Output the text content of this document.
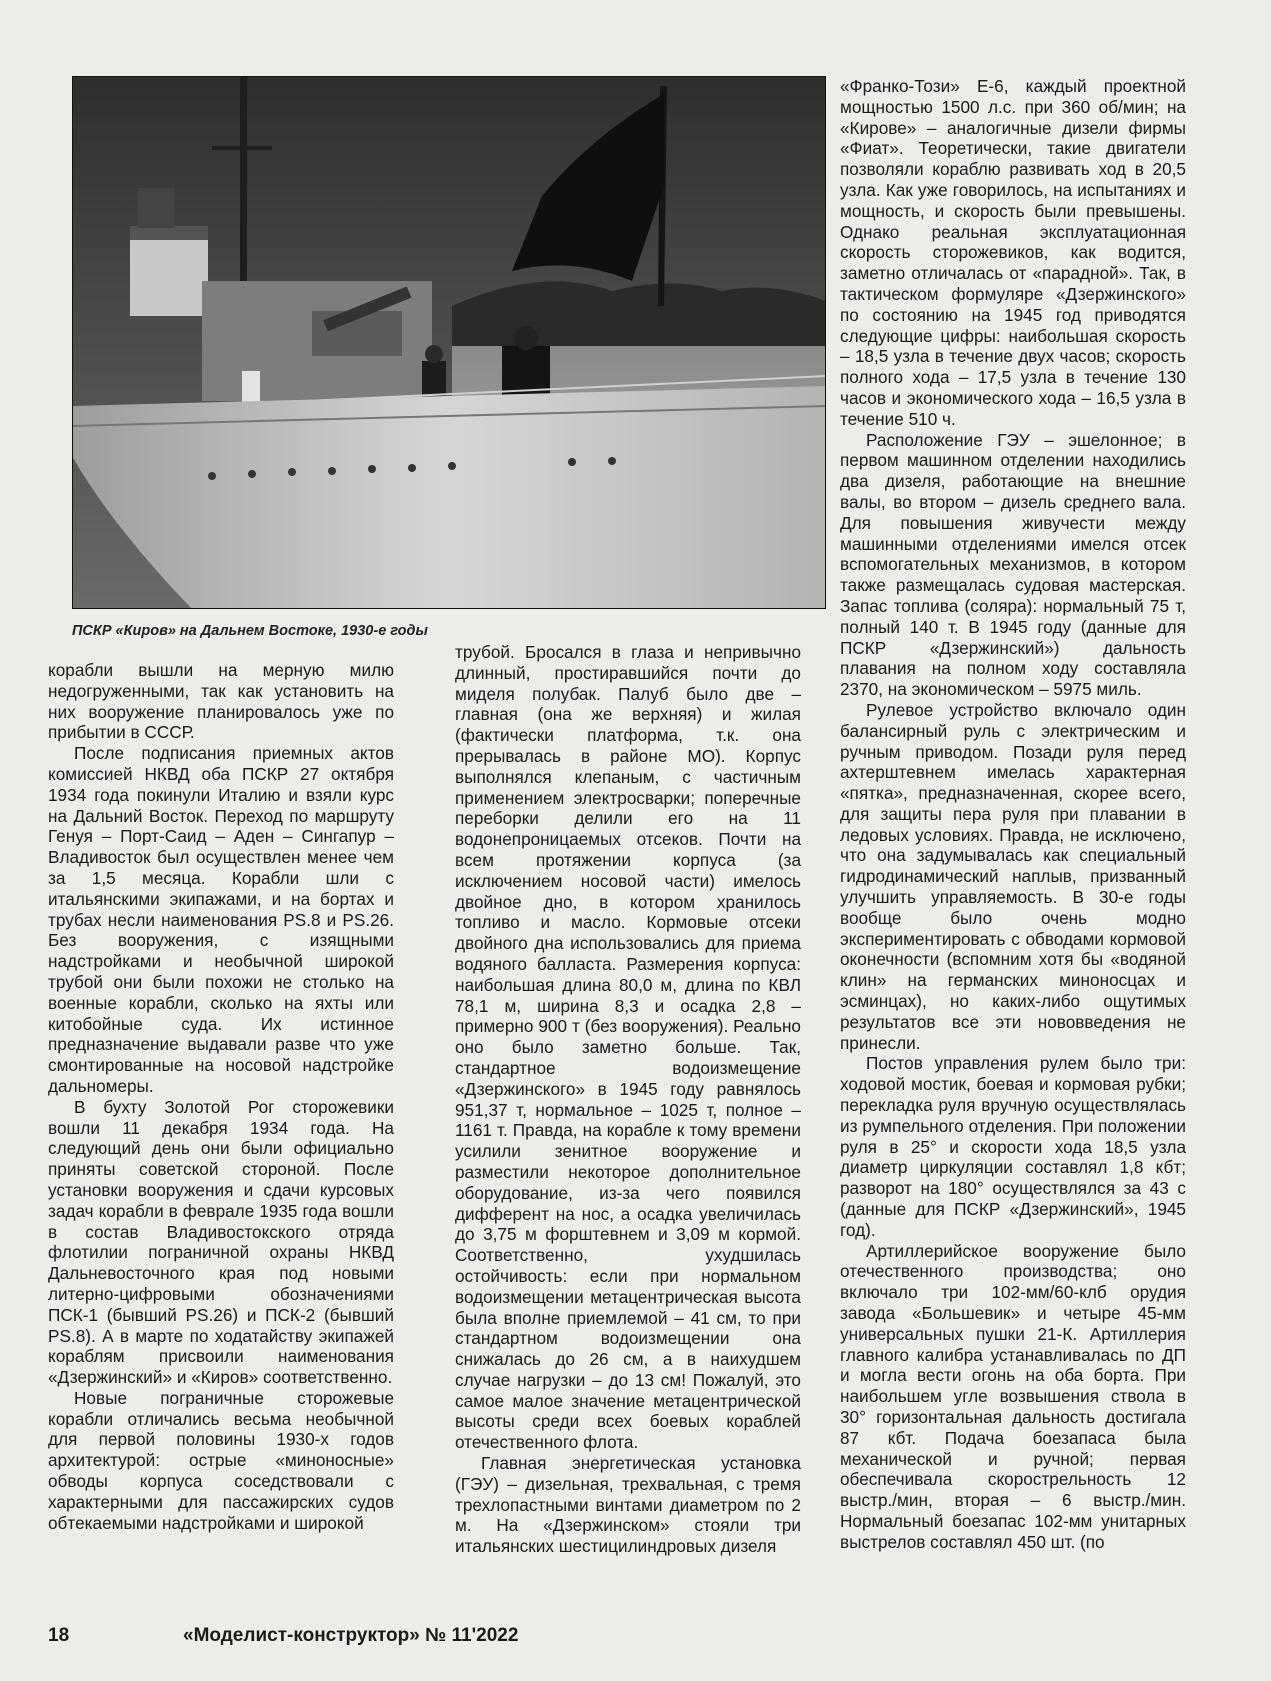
ПСКР «Киров» на Дальнем Востоке, 1930-е годы

корабли вышли на мерную милю недогруженными, так как установить на них вооружение планировалось уже по прибытии в СССР.

После подписания приемных актов комиссией НКВД оба ПСКР 27 октября 1934 года покинули Италию и взяли курс на Дальний Восток. Переход по маршруту Генуя – Порт-Саид – Аден – Сингапур – Владивосток был осуществлен менее чем за 1,5 месяца. Корабли шли с итальянскими экипажами, и на бортах и трубах несли наименования PS.8 и PS.26. Без вооружения, с изящными надстройками и необычной широкой трубой они были похожи не столько на военные корабли, сколько на яхты или китобойные суда. Их истинное предназначение выдавали разве что уже смонтированные на носовой надстройке дальномеры.

В бухту Золотой Рог сторожевики вошли 11 декабря 1934 года. На следующий день они были официально приняты советской стороной. После установки вооружения и сдачи курсовых задач корабли в феврале 1935 года вошли в состав Владивостокского отряда флотилии пограничной охраны НКВД Дальневосточного края под новыми литерно-цифровыми обозначениями ПСК-1 (бывший PS.26) и ПСК-2 (бывший PS.8). А в марте по ходатайству экипажей кораблям присвоили наименования «Дзержинский» и «Киров» соответственно.

Новые пограничные сторожевые корабли отличались весьма необычной для первой половины 1930-х годов архитектурой: острые «миноносные» обводы корпуса соседствовали с характерными для пассажирских судов обтекаемыми надстройками и широкой

трубой. Бросался в глаза и непривычно длинный, простиравшийся почти до миделя полубак. Палуб было две – главная (она же верхняя) и жилая (фактически платформа, т.к. она прерывалась в районе МО). Корпус выполнялся клепаным, с частичным применением электросварки; поперечные переборки делили его на 11 водонепроницаемых отсеков. Почти на всем протяжении корпуса (за исключением носовой части) имелось двойное дно, в котором хранилось топливо и масло. Кормовые отсеки двойного дна использовались для приема водяного балласта. Размерения корпуса: наибольшая длина 80,0 м, длина по КВЛ 78,1 м, ширина 8,3 и осадка 2,8 – примерно 900 т (без вооружения). Реально оно было заметно больше. Так, стандартное водоизмещение «Дзержинского» в 1945 году равнялось 951,37 т, нормальное – 1025 т, полное – 1161 т. Правда, на корабле к тому времени усилили зенитное вооружение и разместили некоторое дополнительное оборудование, из-за чего появился дифферент на нос, а осадка увеличилась до 3,75 м форштевнем и 3,09 м кормой. Соответственно, ухудшилась остойчивость: если при нормальном водоизмещении метацентрическая высота была вполне приемлемой – 41 см, то при стандартном водоизмещении она снижалась до 26 см, а в наихудшем случае нагрузки – до 13 см! Пожалуй, это самое малое значение метацентрической высоты среди всех боевых кораблей отечественного флота.

Главная энергетическая установка (ГЭУ) – дизельная, трехвальная, с тремя трехлопастными винтами диаметром по 2 м. На «Дзержинском» стояли три итальянских шестицилиндровых дизеля

«Франко-Този» Е-6, каждый проектной мощностью 1500 л.с. при 360 об/мин; на «Кирове» – аналогичные дизели фирмы «Фиат». Теоретически, такие двигатели позволяли кораблю развивать ход в 20,5 узла. Как уже говорилось, на испытаниях и мощность, и скорость были превышены. Однако реальная эксплуатационная скорость сторожевиков, как водится, заметно отличалась от «парадной». Так, в тактическом формуляре «Дзержинского» по состоянию на 1945 год приводятся следующие цифры: наибольшая скорость – 18,5 узла в течение двух часов; скорость полного хода – 17,5 узла в течение 130 часов и экономического хода – 16,5 узла в течение 510 ч.

Расположение ГЭУ – эшелонное; в первом машинном отделении находились два дизеля, работающие на внешние валы, во втором – дизель среднего вала. Для повышения живучести между машинными отделениями имелся отсек вспомогательных механизмов, в котором также размещалась судовая мастерская. Запас топлива (соляра): нормальный 75 т, полный 140 т. В 1945 году (данные для ПСКР «Дзержинский») дальность плавания на полном ходу составляла 2370, на экономическом – 5975 миль.

Рулевое устройство включало один балансирный руль с электрическим и ручным приводом. Позади руля перед ахтерштевнем имелась характерная «пятка», предназначенная, скорее всего, для защиты пера руля при плавании в ледовых условиях. Правда, не исключено, что она задумывалась как специальный гидродинамический наплыв, призванный улучшить управляемость. В 30-е годы вообще было очень модно экспериментировать с обводами кормовой оконечности (вспомним хотя бы «водяной клин» на германских миноносцах и эсминцах), но каких-либо ощутимых результатов все эти нововведения не принесли.

Постов управления рулем было три: ходовой мостик, боевая и кормовая рубки; перекладка руля вручную осуществлялась из румпельного отделения. При положении руля в 25° и скорости хода 18,5 узла диаметр циркуляции составлял 1,8 кбт; разворот на 180° осуществлялся за 43 с (данные для ПСКР «Дзержинский», 1945 год).

Артиллерийское вооружение было отечественного производства; оно включало три 102-мм/60-клб орудия завода «Большевик» и четыре 45-мм универсальных пушки 21-К. Артиллерия главного калибра устанавливалась по ДП и могла вести огонь на оба борта. При наибольшем угле возвышения ствола в 30° горизонтальная дальность достигала 87 кбт. Подача боезапаса была механической и ручной; первая обеспечивала скорострельность 12 выстр./мин, вторая – 6 выстр./мин. Нормальный боезапас 102-мм унитарных выстрелов составлял 450 шт. (по

18	«Моделист-конструктор» № 11'2022
